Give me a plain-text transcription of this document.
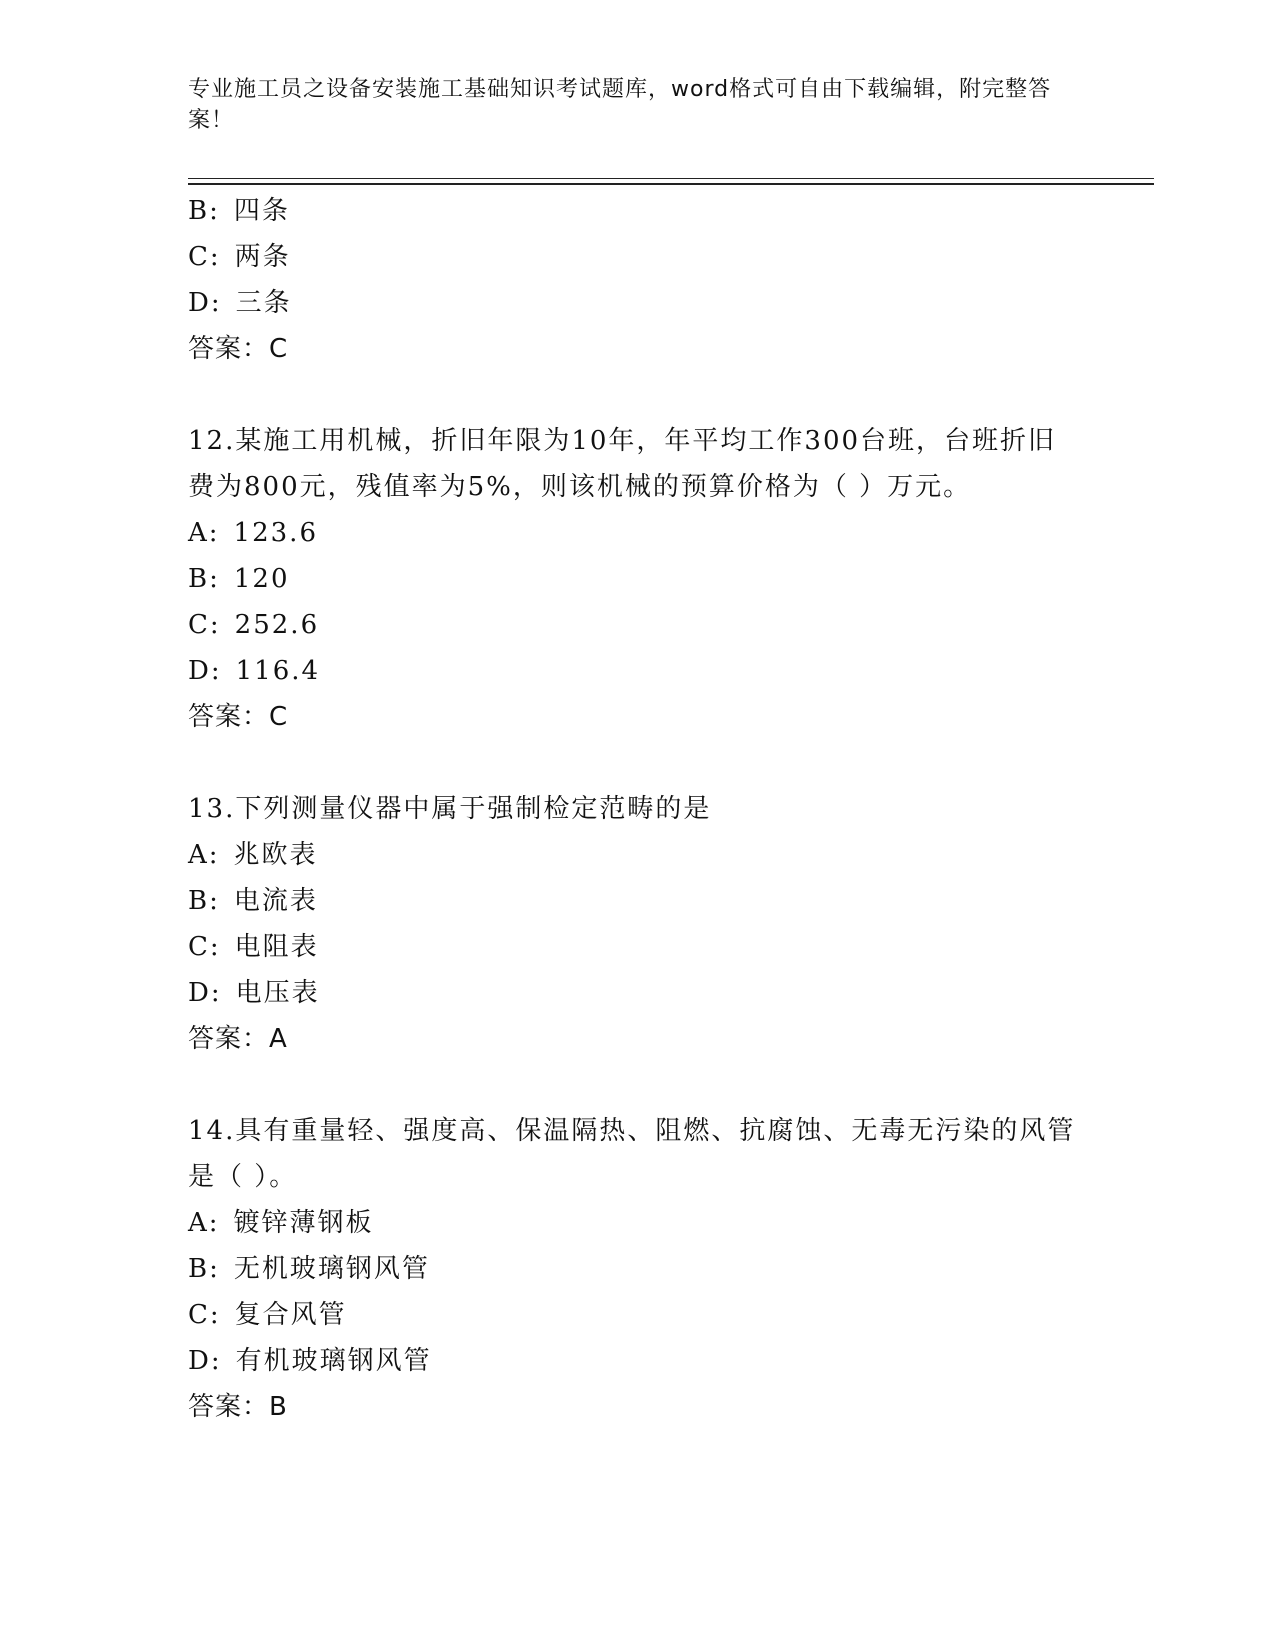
专业施工员之设备安装施工基础知识考试题库，word格式可自由下载编辑，附完整答案！
B: 四条
C: 两条
D: 三条
答案：C
12.某施工用机械，折旧年限为10年，年平均工作300台班，台班折旧费为800元，残值率为5%，则该机械的预算价格为（ ）万元。
A: 123.6
B: 120
C: 252.6
D: 116.4
答案：C
13.下列测量仪器中属于强制检定范畴的是
A: 兆欧表
B: 电流表
C: 电阻表
D: 电压表
答案：A
14.具有重量轻、强度高、保温隔热、阻燃、抗腐蚀、无毒无污染的风管是（ ）。
A: 镀锌薄钢板
B: 无机玻璃钢风管
C: 复合风管
D: 有机玻璃钢风管
答案：B
